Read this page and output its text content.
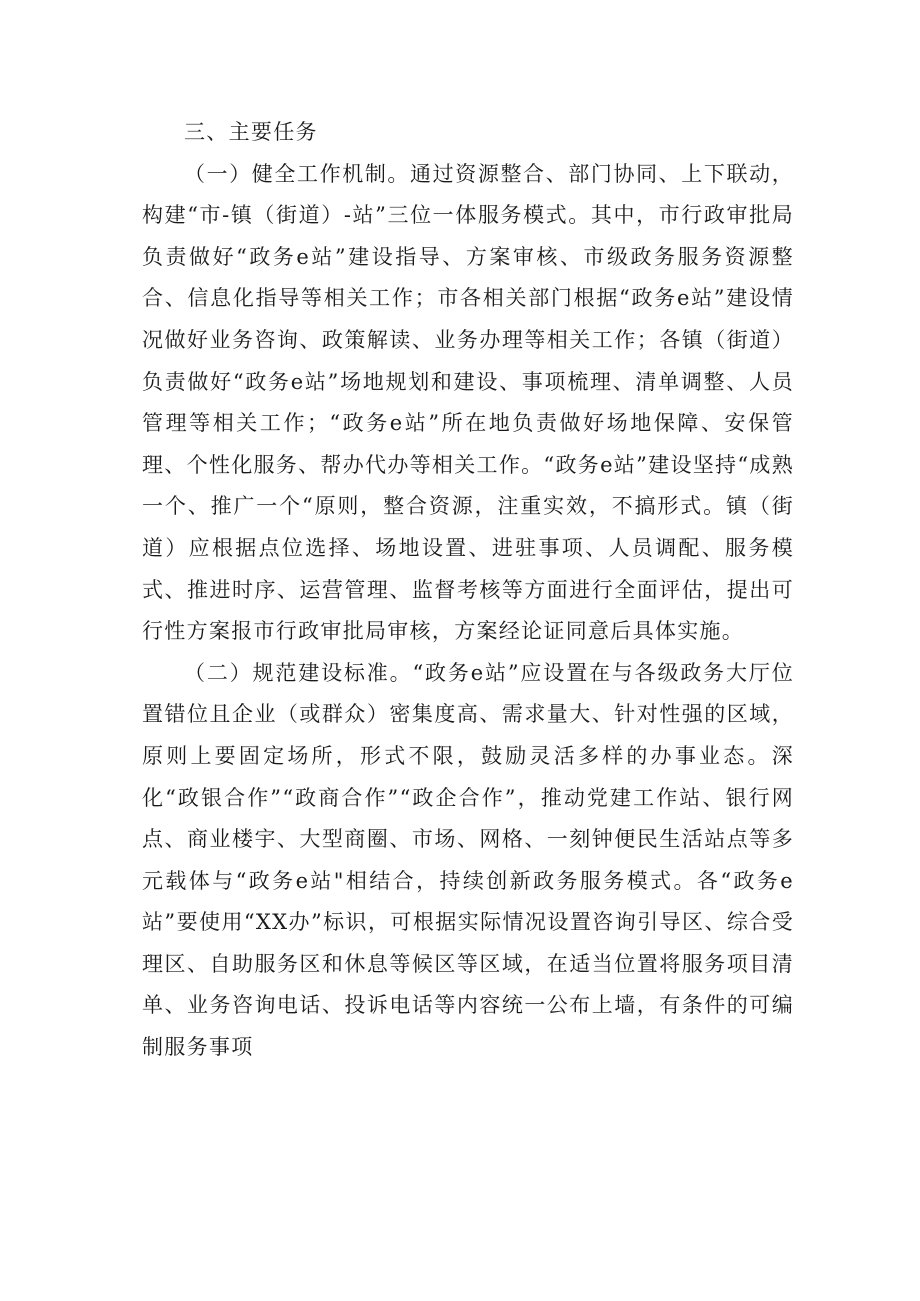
三、主要任务

（一）健全工作机制。通过资源整合、部门协同、上下联动，构建“市-镇（街道）-站”三位一体服务模式。其中，市行政审批局负责做好“政务e站”建设指导、方案审核、市级政务服务资源整合、信息化指导等相关工作；市各相关部门根据“政务e站”建设情况做好业务咨询、政策解读、业务办理等相关工作；各镇（街道）负责做好“政务e站”场地规划和建设、事项梳理、清单调整、人员管理等相关工作；“政务e站”所在地负责做好场地保障、安保管理、个性化服务、帮办代办等相关工作。“政务e站”建设坚持“成熟一个、推广一个“原则，整合资源，注重实效，不搞形式。镇（街道）应根据点位选择、场地设置、进驻事项、人员调配、服务模式、推进时序、运营管理、监督考核等方面进行全面评估，提出可行性方案报市行政审批局审核，方案经论证同意后具体实施。

（二）规范建设标准。“政务e站”应设置在与各级政务大厅位置错位且企业（或群众）密集度高、需求量大、针对性强的区域，原则上要固定场所，形式不限，鼓励灵活多样的办事业态。深化“政银合作”“政商合作”“政企合作”，推动党建工作站、银行网点、商业楼宇、大型商圈、市场、网格、一刻钟便民生活站点等多元载体与“政务e站"相结合，持续创新政务服务模式。各“政务e站”要使用“XX办”标识，可根据实际情况设置咨询引导区、综合受理区、自助服务区和休息等候区等区域，在适当位置将服务项目清单、业务咨询电话、投诉电话等内容统一公布上墙，有条件的可编制服务事项
